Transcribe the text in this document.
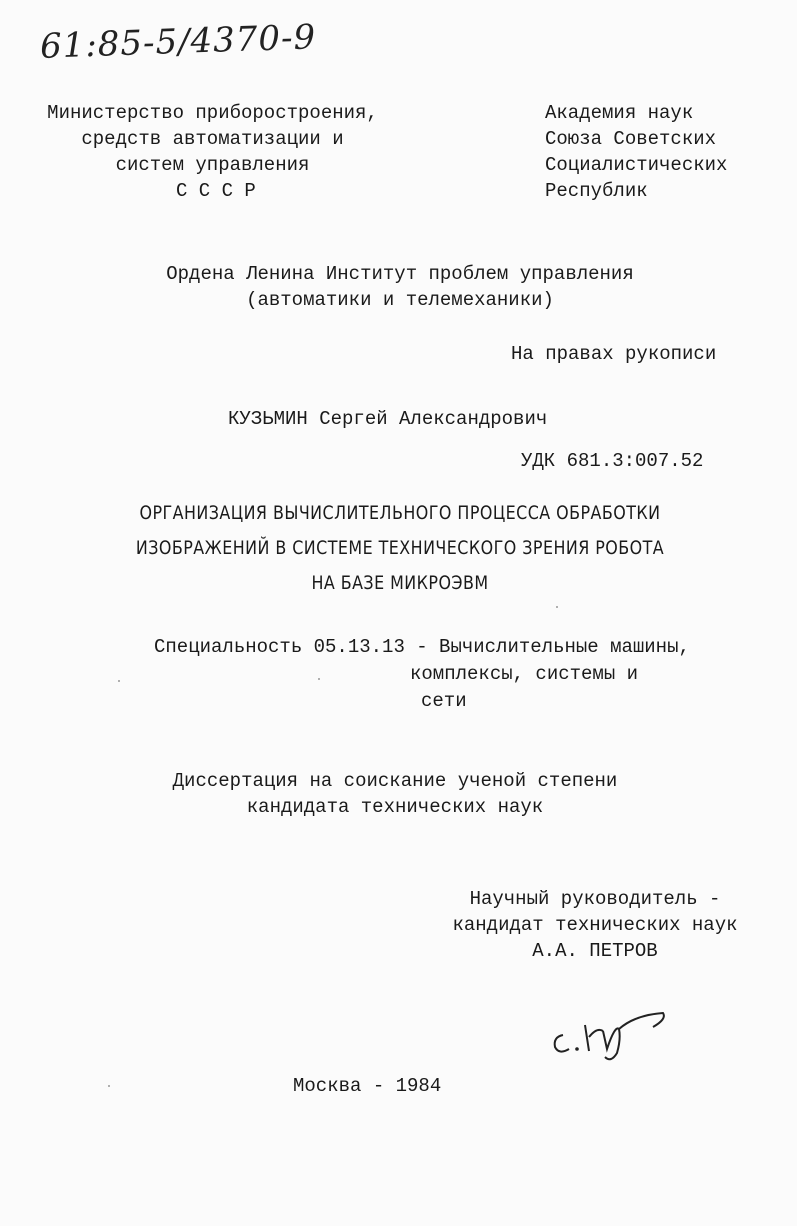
61:85-5/4370-9
Министерство приборостроения,
средств автоматизации и
систем управления
С С С Р
Академия наук
Союза Советских
Социалистических
Республик
Ордена Ленина Институт проблем управления
(автоматики и телемеханики)
На правах рукописи
КУЗЬМИН Сергей Александрович
УДК 681.3:007.52
ОРГАНИЗАЦИЯ ВЫЧИСЛИТЕЛЬНОГО ПРОЦЕССА ОБРАБОТКИ
ИЗОБРАЖЕНИЙ В СИСТЕМЕ ТЕХНИЧЕСКОГО ЗРЕНИЯ РОБОТА
НА БАЗЕ МИКРОЭВМ
Специальность 05.13.13 - Вычислительные машины,
комплексы, системы и
сети
Диссертация на соискание ученой степени
кандидата технических наук
Научный руководитель -
кандидат технических наук
А.А. ПЕТРОВ
Москва - 1984
